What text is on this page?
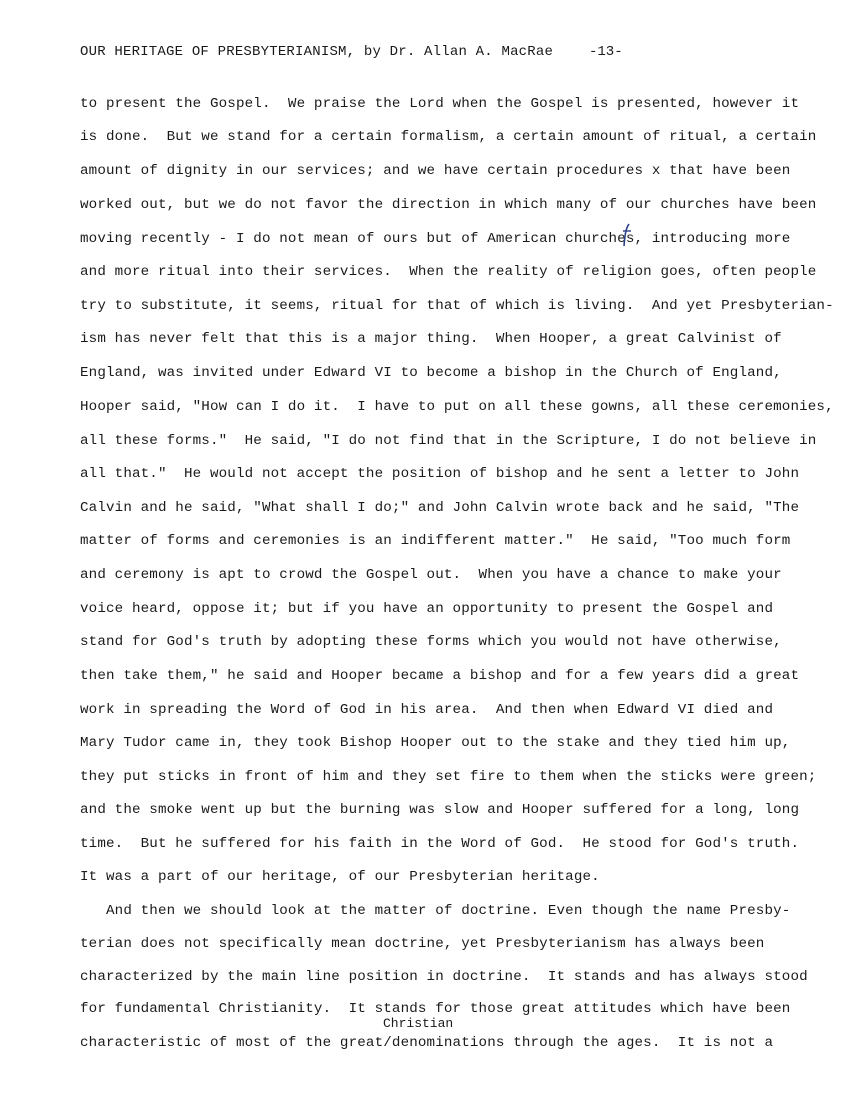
OUR HERITAGE OF PRESBYTERIANISM, by Dr. Allan A. MacRae	-13-
to present the Gospel.  We praise the Lord when the Gospel is presented, however it
is done.  But we stand for a certain formalism, a certain amount of ritual, a certain
amount of dignity in our services; and we have certain procedures x that have been
worked out, but we do not favor the direction in which many of our churches have been
moving recently - I do not mean of ours but of American churches, introducing more
and more ritual into their services.  When the reality of religion goes, often people
try to substitute, it seems, ritual for that of which is living.  And yet Presbyterian-
ism has never felt that this is a major thing.  When Hooper, a great Calvinist of
England, was invited under Edward VI to become a bishop in the Church of England,
Hooper said, "How can I do it.  I have to put on all these gowns, all these ceremonies,
all these forms."  He said, "I do not find that in the Scripture, I do not believe in
all that."  He would not accept the position of bishop and he sent a letter to John
Calvin and he said, "What shall I do;" and John Calvin wrote back and he said, "The
matter of forms and ceremonies is an indifferent matter."  He said, "Too much form
and ceremony is apt to crowd the Gospel out.  When you have a chance to make your
voice heard, oppose it; but if you have an opportunity to present the Gospel and
stand for God's truth by adopting these forms which you would not have otherwise,
then take them," he said and Hooper became a bishop and for a few years did a great
work in spreading the Word of God in his area.  And then when Edward VI died and
Mary Tudor came in, they took Bishop Hooper out to the stake and they tied him up,
they put sticks in front of him and they set fire to them when the sticks were green;
and the smoke went up but the burning was slow and Hooper suffered for a long, long
time.  But he suffered for his faith in the Word of God.  He stood for God's truth.
It was a part of our heritage, of our Presbyterian heritage.
And then we should look at the matter of doctrine. Even though the name Presby-
terian does not specifically mean doctrine, yet Presbyterianism has always been
characterized by the main line position in doctrine.  It stands and has always stood
for fundamental Christianity.  It stands for those great attitudes which have been
characteristic of most of the great/denominations through the ages.  It is not a
Christian
